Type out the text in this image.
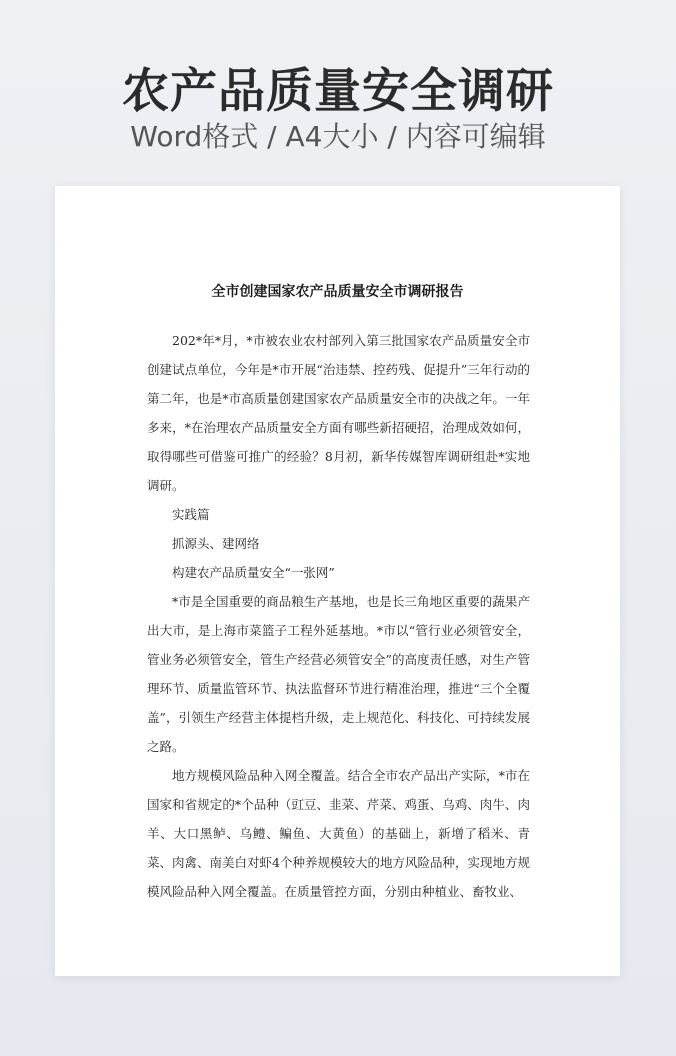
农产品质量安全调研
Word格式 / A4大小 / 内容可编辑
全市创建国家农产品质量安全市调研报告

202*年*月，*市被农业农村部列入第三批国家农产品质量安全市创建试点单位，今年是*市开展“治违禁、控药残、促提升”三年行动的第二年，也是*市高质量创建国家农产品质量安全市的决战之年。一年多来，*在治理农产品质量安全方面有哪些新招硬招，治理成效如何，取得哪些可借鉴可推广的经验？8月初，新华传媒智库调研组赴*实地调研。

实践篇

抓源头、建网络

构建农产品质量安全“一张网”

*市是全国重要的商品粮生产基地，也是长三角地区重要的蔬果产出大市，是上海市菜篮子工程外延基地。*市以“管行业必须管安全，管业务必须管安全，管生产经营必须管安全”的高度责任感，对生产管理环节、质量监管环节、执法监督环节进行精准治理，推进“三个全覆盖”，引领生产经营主体提档升级，走上规范化、科技化、可持续发展之路。

地方规模风险品种入网全覆盖。结合全市农产品出产实际，*市在国家和省规定的*个品种（豇豆、韭菜、芹菜、鸡蛋、乌鸡、肉牛、肉羊、大口黑鲈、乌鳢、鳊鱼、大黄鱼）的基础上，新增了稻米、青菜、肉禽、南美白对虾4个种养规模较大的地方风险品种，实现地方规模风险品种入网全覆盖。在质量管控方面，分别由种植业、畜牧业、
